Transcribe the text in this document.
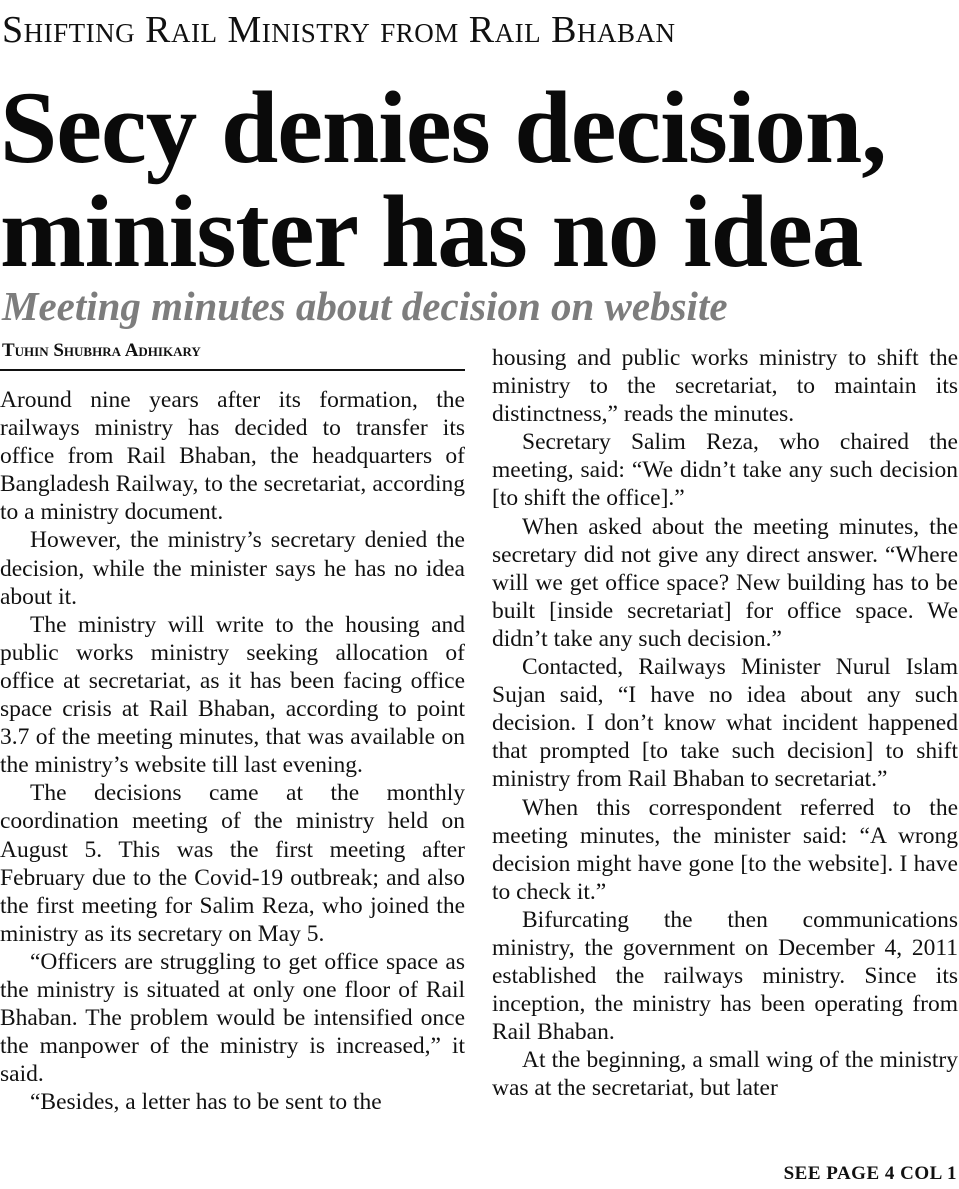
Shifting Rail Ministry from Rail Bhaban
Secy denies decision,
minister has no idea
Meeting minutes about decision on website
Tuhin Shubhra Adhikary

Around nine years after its formation, the railways ministry has decided to transfer its office from Rail Bhaban, the headquarters of Bangladesh Railway, to the secretariat, according to a ministry document.

However, the ministry’s secretary denied the decision, while the minister says he has no idea about it.

The ministry will write to the housing and public works ministry seeking allocation of office at secretariat, as it has been facing office space crisis at Rail Bhaban, according to point 3.7 of the meeting minutes, that was available on the ministry’s website till last evening.

The decisions came at the monthly coordination meeting of the ministry held on August 5. This was the first meeting after February due to the Covid-19 outbreak; and also the first meeting for Salim Reza, who joined the ministry as its secretary on May 5.

“Officers are struggling to get office space as the ministry is situated at only one floor of Rail Bhaban. The problem would be intensified once the manpower of the ministry is increased,” it said.

“Besides, a letter has to be sent to the

housing and public works ministry to shift the ministry to the secretariat, to maintain its distinctness,” reads the minutes.

Secretary Salim Reza, who chaired the meeting, said: “We didn’t take any such decision [to shift the office].”

When asked about the meeting minutes, the secretary did not give any direct answer. “Where will we get office space? New building has to be built [inside secretariat] for office space. We didn’t take any such decision.”

Contacted, Railways Minister Nurul Islam Sujan said, “I have no idea about any such decision. I don’t know what incident happened that prompted [to take such decision] to shift ministry from Rail Bhaban to secretariat.”

When this correspondent referred to the meeting minutes, the minister said: “A wrong decision might have gone [to the website]. I have to check it.”

Bifurcating the then communications ministry, the government on December 4, 2011 established the railways ministry. Since its inception, the ministry has been operating from Rail Bhaban.

At the beginning, a small wing of the ministry was at the secretariat, but later

SEE PAGE 4 COL 1
